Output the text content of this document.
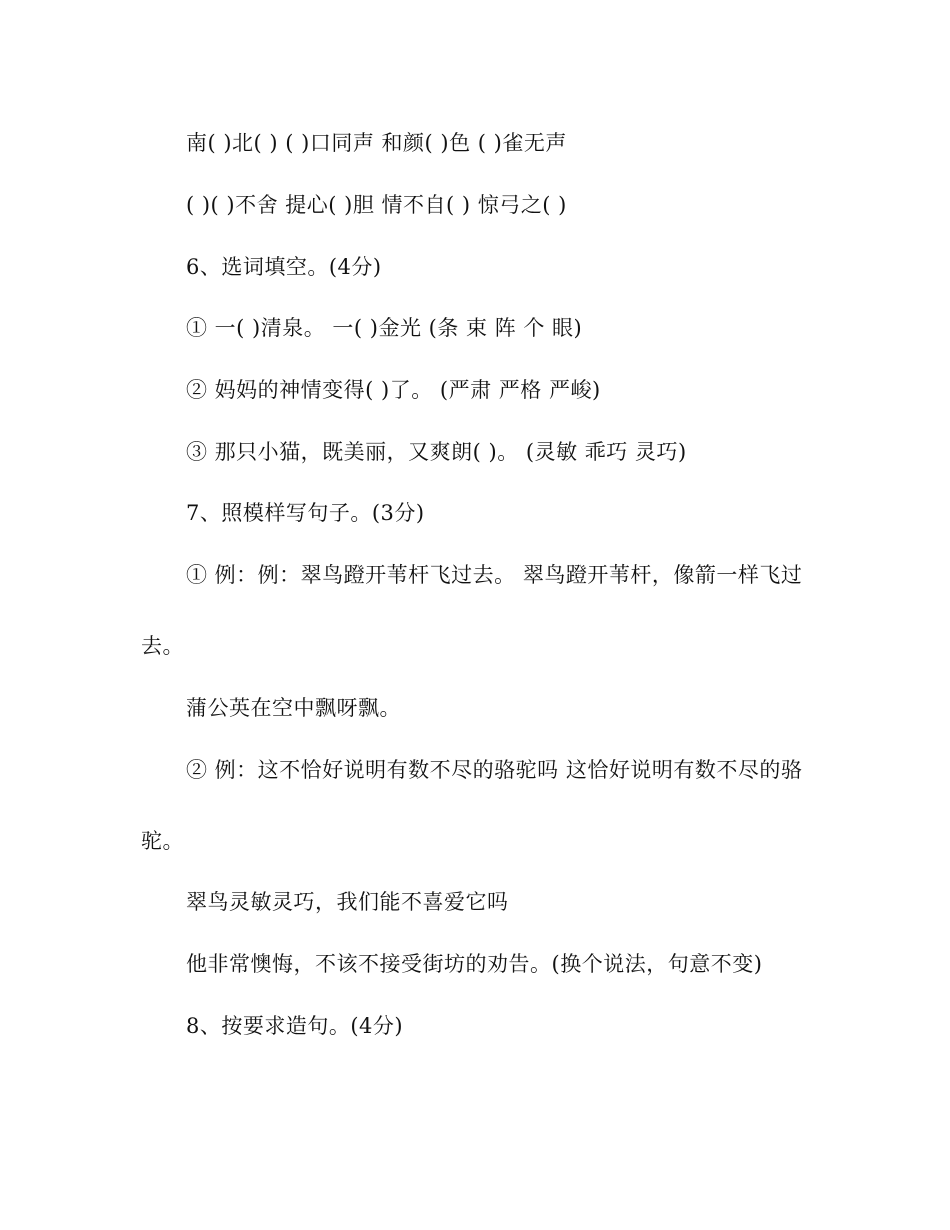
南( )北( ) ( )口同声 和颜( )色 ( )雀无声
( )( )不舍 提心( )胆 情不自( ) 惊弓之( )
6、选词填空。(4分)
① 一( )清泉。 一( )金光 (条 束 阵 个 眼)
② 妈妈的神情变得( )了。 (严肃 严格 严峻)
③ 那只小猫，既美丽，又爽朗( )。 (灵敏 乖巧 灵巧)
7、照模样写句子。(3分)
① 例：例：翠鸟蹬开苇杆飞过去。 翠鸟蹬开苇杆，像箭一样飞过
去。
蒲公英在空中飘呀飘。
② 例：这不恰好说明有数不尽的骆驼吗 这恰好说明有数不尽的骆
驼。
翠鸟灵敏灵巧，我们能不喜爱它吗
他非常懊悔，不该不接受街坊的劝告。(换个说法，句意不变)
8、按要求造句。(4分)
